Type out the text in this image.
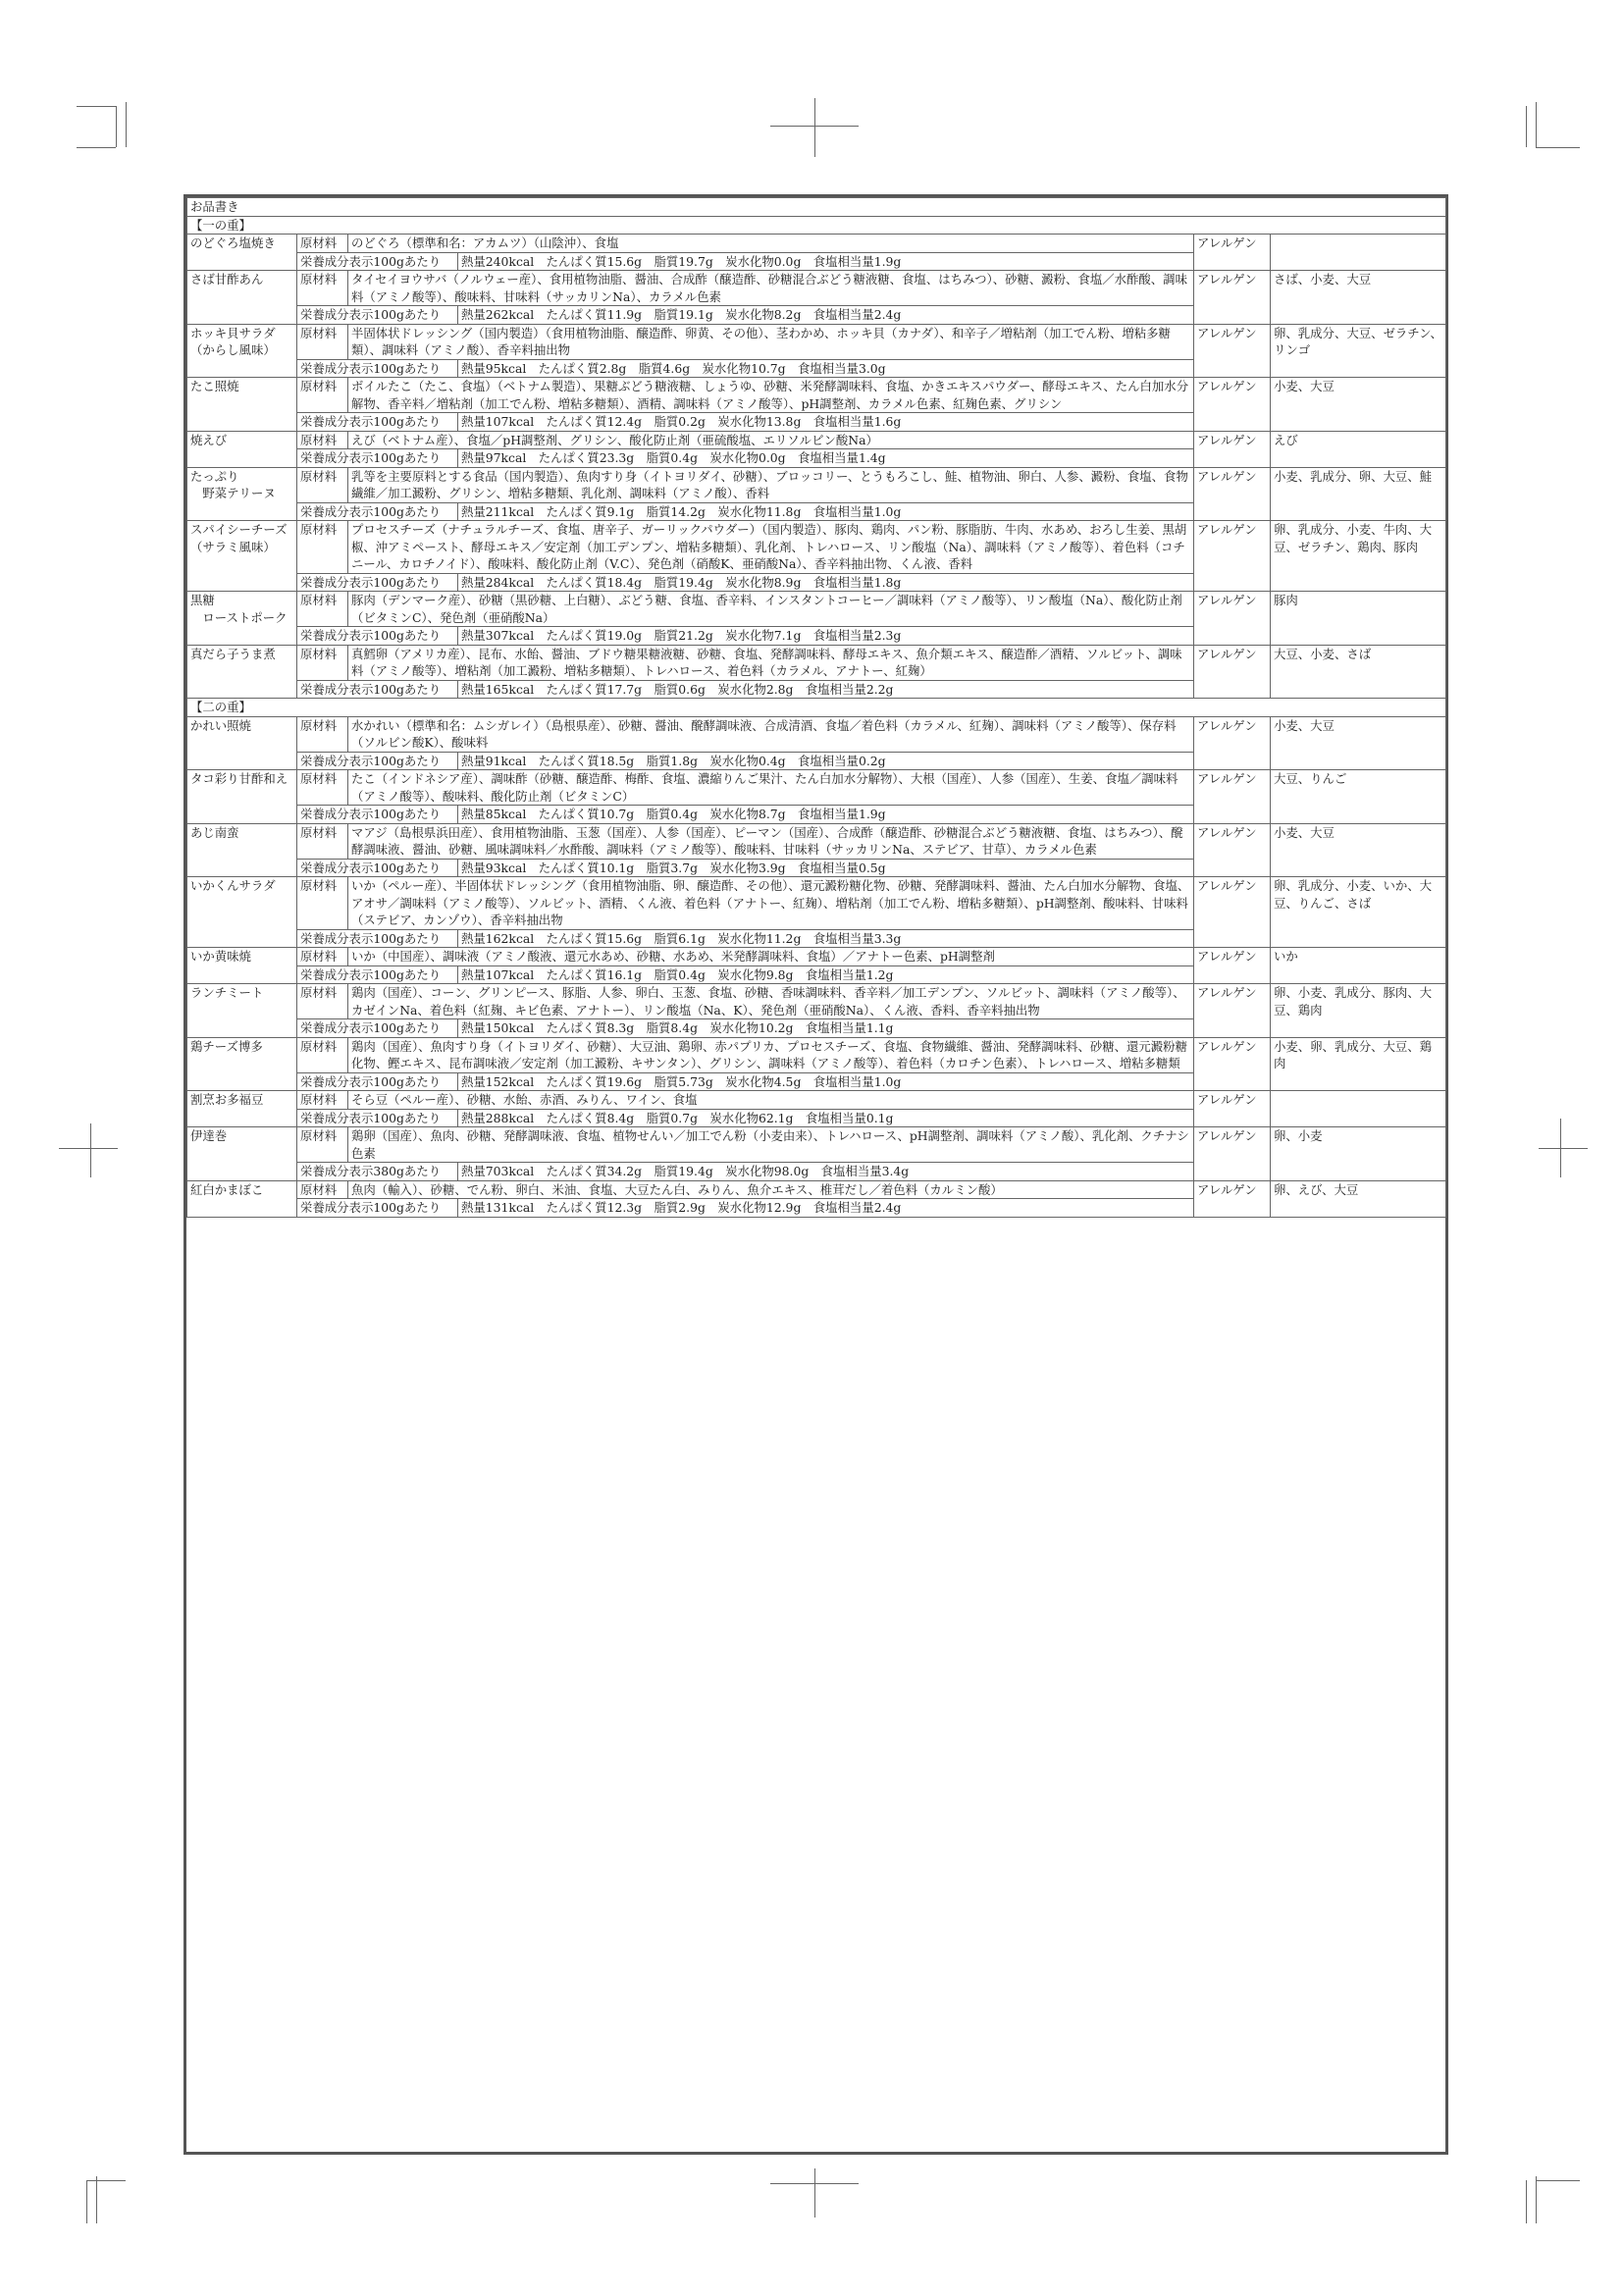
お品書き					
【一の重】					
のどぐろ塩焼き	原材料	のどぐろ（標準和名：アカムツ）（山陰沖）、食塩		アレルゲン	
	栄養成分表示100gあたり		熱量240kcal　たんぱく質15.6g　脂質19.7g　炭水化物0.0g　食塩相当量1.9g		
さば甘酢あん	原材料	タイセイヨウサバ（ノルウェー産）、食用植物油脂、醤油、合成酢（醸造酢、砂糖混合ぶどう糖液糖、食塩、はちみつ）、砂糖、澱粉、食塩／水酢酸、調味料（アミノ酸等）、酸味料、甘味料（サッカリンNa）、カラメル色素		アレルゲン	さば、小麦、大豆
	栄養成分表示100gあたり		熱量262kcal　たんぱく質11.9g　脂質19.1g　炭水化物8.2g　食塩相当量2.4g		
ホッキ貝サラダ
（からし風味）	原材料	半固体状ドレッシング（国内製造）（食用植物油脂、醸造酢、卵黄、その他）、茎わかめ、ホッキ貝（カナダ）、和辛子／増粘剤（加工でん粉、増粘多糖類）、調味料（アミノ酸）、香辛料抽出物		アレルゲン	卵、乳成分、大豆、ゼラチン、リンゴ
	栄養成分表示100gあたり		熱量95kcal　たんぱく質2.8g　脂質4.6g　炭水化物10.7g　食塩相当量3.0g		
たこ照焼	原材料	ボイルたこ（たこ、食塩）（ベトナム製造）、果糖ぶどう糖液糖、しょうゆ、砂糖、米発酵調味料、食塩、かきエキスパウダー、酵母エキス、たん白加水分解物、香辛料／増粘剤（加工でん粉、増粘多糖類）、酒精、調味料（アミノ酸等）、pH調整剤、カラメル色素、紅麹色素、グリシン		アレルゲン	小麦、大豆
	栄養成分表示100gあたり		熱量107kcal　たんぱく質12.4g　脂質0.2g　炭水化物13.8g　食塩相当量1.6g		
焼えび	原材料	えび（ベトナム産）、食塩／pH調整剤、グリシン、酸化防止剤（亜硫酸塩、エリソルビン酸Na）		アレルゲン	えび
	栄養成分表示100gあたり		熱量97kcal　たんぱく質23.3g　脂質0.4g　炭水化物0.0g　食塩相当量1.4g		
たっぷり
　野菜テリーヌ	原材料	乳等を主要原料とする食品（国内製造）、魚肉すり身（イトヨリダイ、砂糖）、ブロッコリー、とうもろこし、鮭、植物油、卵白、人参、澱粉、食塩、食物繊維／加工澱粉、グリシン、増粘多糖類、乳化剤、調味料（アミノ酸）、香料		アレルゲン	小麦、乳成分、卵、大豆、鮭
	栄養成分表示100gあたり		熱量211kcal　たんぱく質9.1g　脂質14.2g　炭水化物11.8g　食塩相当量1.0g		
スパイシーチーズ
（サラミ風味）	原材料	プロセスチーズ（ナチュラルチーズ、食塩、唐辛子、ガーリックパウダー）（国内製造）、豚肉、鶏肉、パン粉、豚脂肪、牛肉、水あめ、おろし生姜、黒胡椒、沖アミペースト、酵母エキス／安定剤（加工デンプン、増粘多糖類）、乳化剤、トレハロース、リン酸塩（Na）、調味料（アミノ酸等）、着色料（コチニール、カロチノイド）、酸味料、酸化防止剤（V.C）、発色剤（硝酸K、亜硝酸Na）、香辛料抽出物、くん液、香料		アレルゲン	卵、乳成分、小麦、牛肉、大豆、ゼラチン、鶏肉、豚肉
	栄養成分表示100gあたり		熱量284kcal　たんぱく質18.4g　脂質19.4g　炭水化物8.9g　食塩相当量1.8g		
黒糖
　ローストポーク	原材料	豚肉（デンマーク産）、砂糖（黒砂糖、上白糖）、ぶどう糖、食塩、香辛料、インスタントコーヒー／調味料（アミノ酸等）、リン酸塩（Na）、酸化防止剤（ビタミンC）、発色剤（亜硝酸Na）		アレルゲン	豚肉
	栄養成分表示100gあたり		熱量307kcal　たんぱく質19.0g　脂質21.2g　炭水化物7.1g　食塩相当量2.3g		
真だら子うま煮	原材料	真鱈卵（アメリカ産）、昆布、水飴、醤油、ブドウ糖果糖液糖、砂糖、食塩、発酵調味料、酵母エキス、魚介類エキス、醸造酢／酒精、ソルビット、調味料（アミノ酸等）、増粘剤（加工澱粉、増粘多糖類）、トレハロース、着色料（カラメル、アナトー、紅麹）		アレルゲン	大豆、小麦、さば
	栄養成分表示100gあたり		熱量165kcal　たんぱく質17.7g　脂質0.6g　炭水化物2.8g　食塩相当量2.2g		
【二の重】					
かれい照焼	原材料	水かれい（標準和名：ムシガレイ）（島根県産）、砂糖、醤油、醗酵調味液、合成清酒、食塩／着色料（カラメル、紅麹）、調味料（アミノ酸等）、保存料（ソルビン酸K）、酸味料		アレルゲン	小麦、大豆
	栄養成分表示100gあたり		熱量91kcal　たんぱく質18.5g　脂質1.8g　炭水化物0.4g　食塩相当量0.2g		
タコ彩り甘酢和え	原材料	たこ（インドネシア産）、調味酢（砂糖、醸造酢、梅酢、食塩、濃縮りんご果汁、たん白加水分解物）、大根（国産）、人参（国産）、生姜、食塩／調味料（アミノ酸等）、酸味料、酸化防止剤（ビタミンC）		アレルゲン	大豆、りんご
	栄養成分表示100gあたり		熱量85kcal　たんぱく質10.7g　脂質0.4g　炭水化物8.7g　食塩相当量1.9g		
あじ南蛮	原材料	マアジ（島根県浜田産）、食用植物油脂、玉葱（国産）、人参（国産）、ピーマン（国産）、合成酢（醸造酢、砂糖混合ぶどう糖液糖、食塩、はちみつ）、醗酵調味液、醤油、砂糖、風味調味料／水酢酸、調味料（アミノ酸等）、酸味料、甘味料（サッカリンNa、ステビア、甘草）、カラメル色素		アレルゲン	小麦、大豆
	栄養成分表示100gあたり		熱量93kcal　たんぱく質10.1g　脂質3.7g　炭水化物3.9g　食塩相当量0.5g		
いかくんサラダ	原材料	いか（ペルー産）、半固体状ドレッシング（食用植物油脂、卵、醸造酢、その他）、還元澱粉糖化物、砂糖、発酵調味料、醤油、たん白加水分解物、食塩、アオサ／調味料（アミノ酸等）、ソルビット、酒精、くん液、着色料（アナトー、紅麹）、増粘剤（加工でん粉、増粘多糖類）、pH調整剤、酸味料、甘味料（ステビア、カンゾウ）、香辛料抽出物		アレルゲン	卵、乳成分、小麦、いか、大豆、りんご、さば
	栄養成分表示100gあたり		熱量162kcal　たんぱく質15.6g　脂質6.1g　炭水化物11.2g　食塩相当量3.3g		
いか黄味焼	原材料	いか（中国産）、調味液（アミノ酸液、還元水あめ、砂糖、水あめ、米発酵調味料、食塩）／アナトー色素、pH調整剤		アレルゲン	いか
	栄養成分表示100gあたり		熱量107kcal　たんぱく質16.1g　脂質0.4g　炭水化物9.8g　食塩相当量1.2g		
ランチミート	原材料	鶏肉（国産）、コーン、グリンピース、豚脂、人参、卵白、玉葱、食塩、砂糖、香味調味料、香辛料／加工デンプン、ソルビット、調味料（アミノ酸等）、カゼインNa、着色料（紅麹、キビ色素、アナトー）、リン酸塩（Na、K）、発色剤（亜硝酸Na）、くん液、香料、香辛料抽出物		アレルゲン	卵、小麦、乳成分、豚肉、大豆、鶏肉
	栄養成分表示100gあたり		熱量150kcal　たんぱく質8.3g　脂質8.4g　炭水化物10.2g　食塩相当量1.1g		
鶏チーズ博多	原材料	鶏肉（国産）、魚肉すり身（イトヨリダイ、砂糖）、大豆油、鶏卵、赤パプリカ、プロセスチーズ、食塩、食物繊維、醤油、発酵調味料、砂糖、還元澱粉糖化物、鰹エキス、昆布調味液／安定剤（加工澱粉、キサンタン）、グリシン、調味料（アミノ酸等）、着色料（カロチン色素）、トレハロース、増粘多糖類		アレルゲン	小麦、卵、乳成分、大豆、鶏肉
	栄養成分表示100gあたり		熱量152kcal　たんぱく質19.6g　脂質5.73g　炭水化物4.5g　食塩相当量1.0g		
割烹お多福豆	原材料	そら豆（ペルー産）、砂糖、水飴、赤酒、みりん、ワイン、食塩		アレルゲン	
	栄養成分表示100gあたり		熱量288kcal　たんぱく質8.4g　脂質0.7g　炭水化物62.1g　食塩相当量0.1g		
伊達巻	原材料	鶏卵（国産）、魚肉、砂糖、発酵調味液、食塩、植物せんい／加工でん粉（小麦由来）、トレハロース、pH調整剤、調味料（アミノ酸）、乳化剤、クチナシ色素		アレルゲン	卵、小麦
	栄養成分表示380gあたり		熱量703kcal　たんぱく質34.2g　脂質19.4g　炭水化物98.0g　食塩相当量3.4g		
紅白かまぼこ	原材料	魚肉（輸入）、砂糖、でん粉、卵白、米油、食塩、大豆たん白、みりん、魚介エキス、椎茸だし／着色料（カルミン酸）		アレルゲン	卵、えび、大豆
	栄養成分表示100gあたり		熱量131kcal　たんぱく質12.3g　脂質2.9g　炭水化物12.9g　食塩相当量2.4g		
